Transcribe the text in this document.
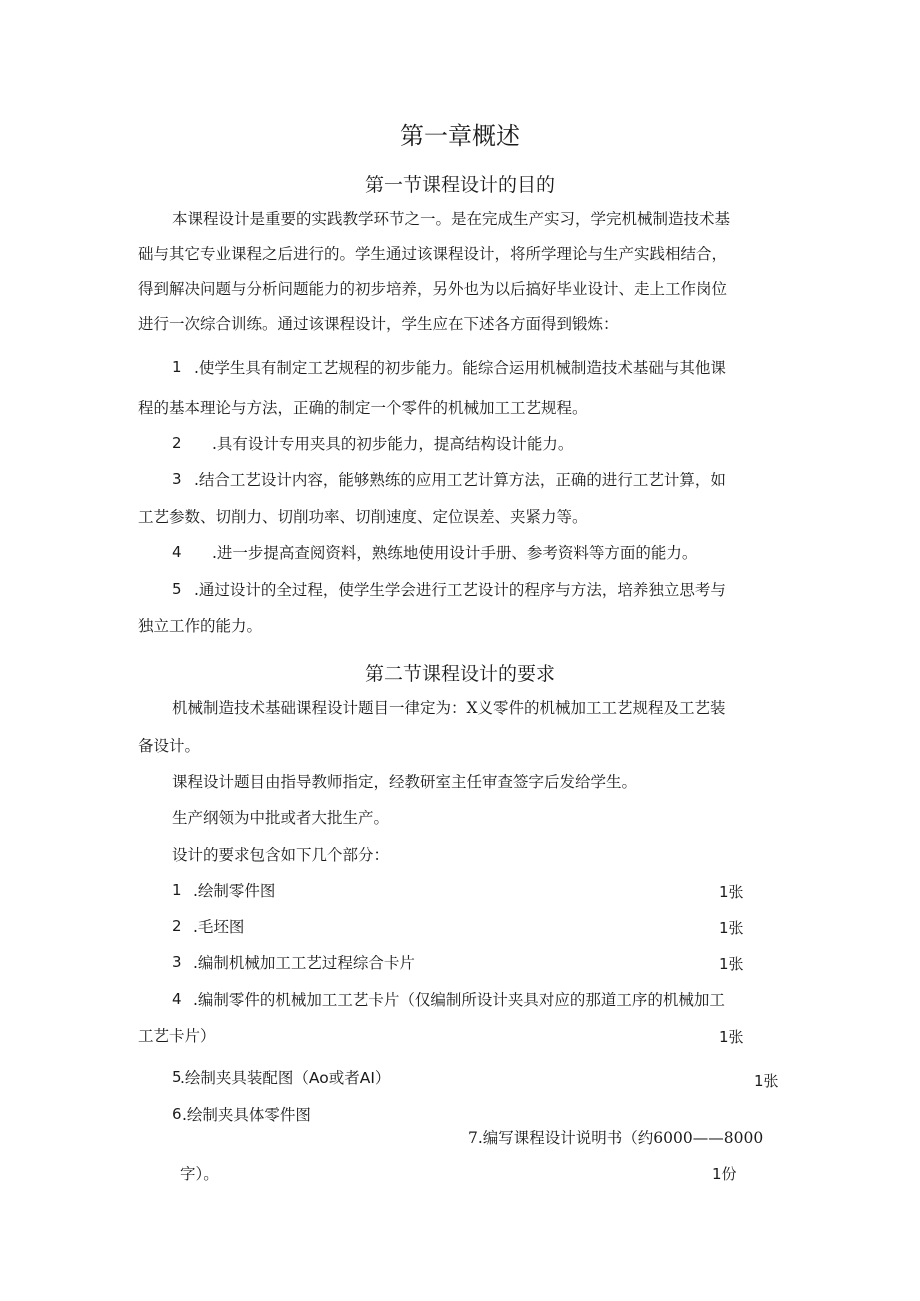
第一章概述
第一节课程设计的目的
本课程设计是重要的实践教学环节之一。是在完成生产实习，学完机械制造技术基
础与其它专业课程之后进行的。学生通过该课程设计，将所学理论与生产实践相结合，
得到解决问题与分析问题能力的初步培养，另外也为以后搞好毕业设计、走上工作岗位
进行一次综合训练。通过该课程设计，学生应在下述各方面得到锻炼：
1 .使学生具有制定工艺规程的初步能力。能综合运用机械制造技术基础与其他课
程的基本理论与方法，正确的制定一个零件的机械加工工艺规程。
2 .具有设计专用夹具的初步能力，提高结构设计能力。
3 .结合工艺设计内容，能够熟练的应用工艺计算方法，正确的进行工艺计算，如
工艺参数、切削力、切削功率、切削速度、定位误差、夹紧力等。
4 .进一步提高查阅资料，熟练地使用设计手册、参考资料等方面的能力。
5 .通过设计的全过程，使学生学会进行工艺设计的程序与方法，培养独立思考与
独立工作的能力。
第二节课程设计的要求
机械制造技术基础课程设计题目一律定为：X义零件的机械加工工艺规程及工艺装
备设计。
课程设计题目由指导教师指定，经教研室主任审查签字后发给学生。
生产纲领为中批或者大批生产。
设计的要求包含如下几个部分：
1 .绘制零件图	1张
2 .毛坯图	1张
3 .编制机械加工工艺过程综合卡片	1张
4 .编制零件的机械加工工艺卡片（仅编制所设计夹具对应的那道工序的机械加工
工艺卡片）	1张
5
.绘制夹具装配图（Ao或者AI）	1张
6 .绘制夹具体零件图
7.编写课程设计说明书（约6000——8000
字）。	1份
